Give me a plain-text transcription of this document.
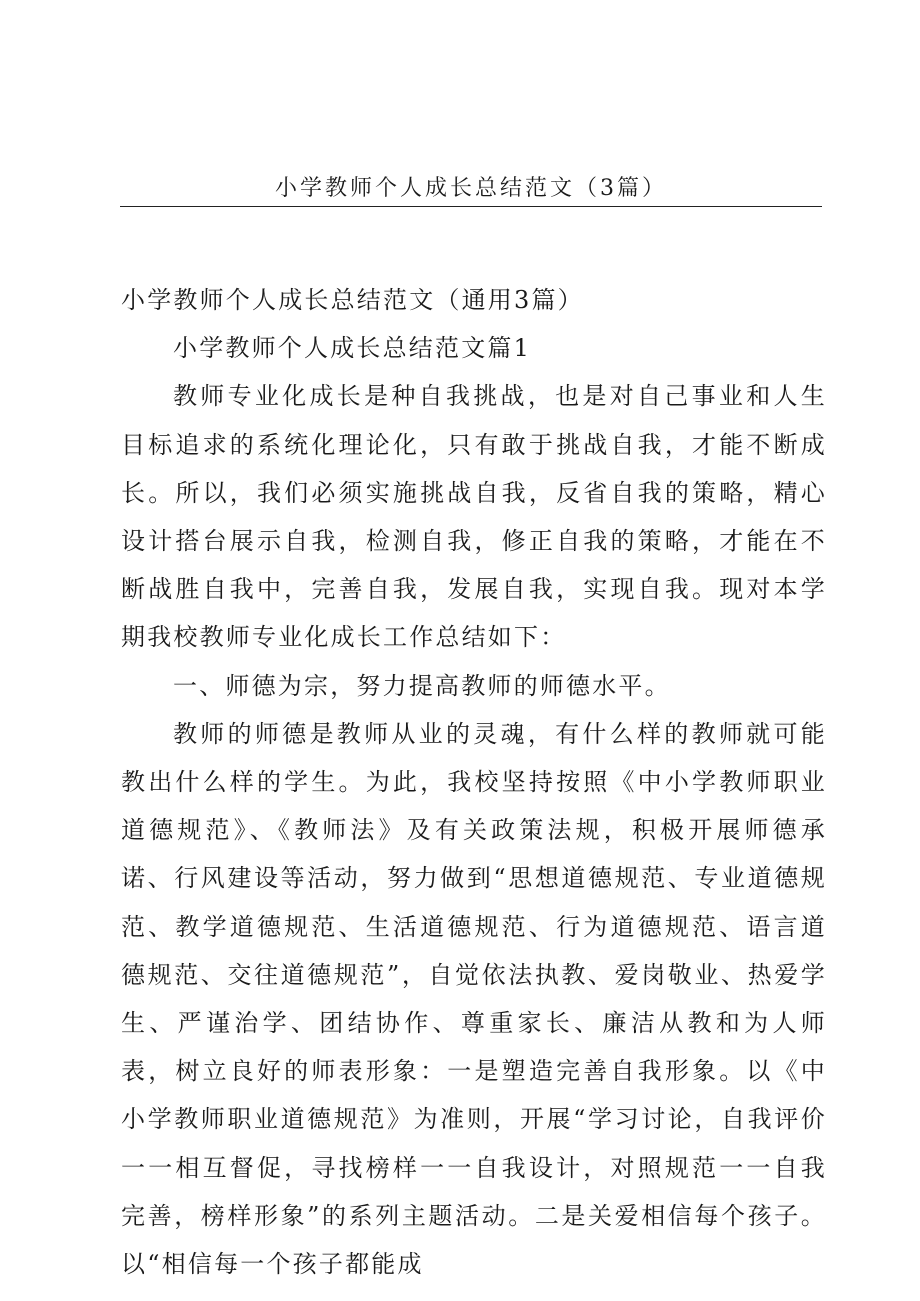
小学教师个人成长总结范文（3篇）

小学教师个人成长总结范文（通用3篇）

小学教师个人成长总结范文篇1

教师专业化成长是种自我挑战，也是对自己事业和人生目标追求的系统化理论化，只有敢于挑战自我，才能不断成长。所以，我们必须实施挑战自我，反省自我的策略，精心设计搭台展示自我，检测自我，修正自我的策略，才能在不断战胜自我中，完善自我，发展自我，实现自我。现对本学期我校教师专业化成长工作总结如下：

一、师德为宗，努力提高教师的师德水平。

教师的师德是教师从业的灵魂，有什么样的教师就可能教出什么样的学生。为此，我校坚持按照《中小学教师职业道德规范》、《教师法》及有关政策法规，积极开展师德承诺、行风建设等活动，努力做到“思想道德规范、专业道德规范、教学道德规范、生活道德规范、行为道德规范、语言道德规范、交往道德规范”，自觉依法执教、爱岗敬业、热爱学生、严谨治学、团结协作、尊重家长、廉洁从教和为人师表，树立良好的师表形象：一是塑造完善自我形象。以《中小学教师职业道德规范》为准则，开展“学习讨论，自我评价一一相互督促，寻找榜样一一自我设计，对照规范一一自我完善，榜样形象”的系列主题活动。二是关爱相信每个孩子。以“相信每一个孩子都能成
